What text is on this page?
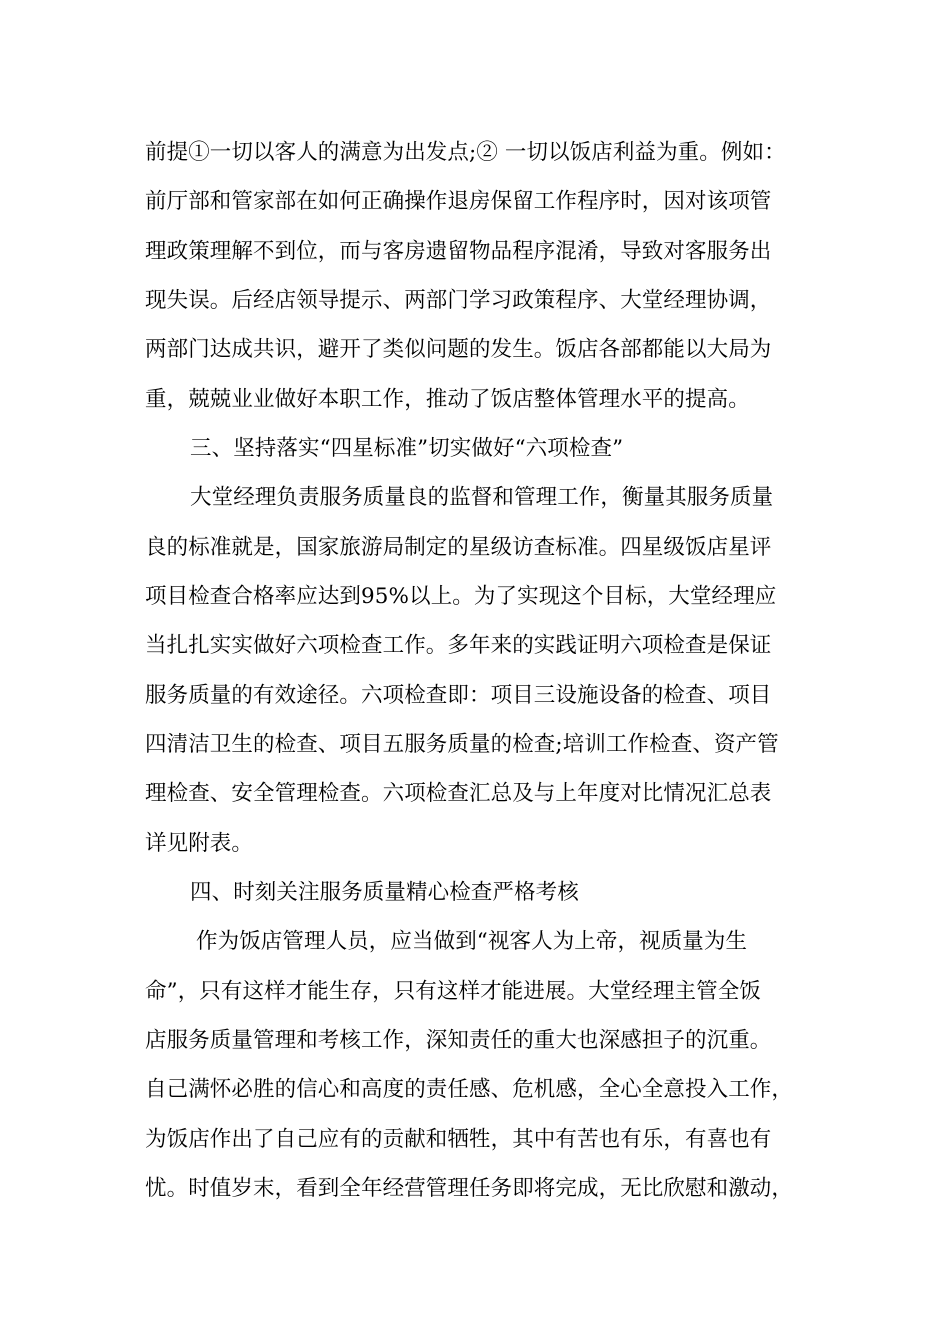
前提①一切以客人的满意为出发点;② 一切以饭店利益为重。例如：

前厅部和管家部在如何正确操作退房保留工作程序时，因对该项管

理政策理解不到位，而与客房遗留物品程序混淆，导致对客服务出

现失误。后经店领导提示、两部门学习政策程序、大堂经理协调，

两部门达成共识，避开了类似问题的发生。饭店各部都能以大局为

重，兢兢业业做好本职工作，推动了饭店整体管理水平的提高。

三、坚持落实“四星标准”切实做好“六项检查”

大堂经理负责服务质量良的监督和管理工作，衡量其服务质量

良的标准就是，国家旅游局制定的星级访查标准。四星级饭店星评

项目检查合格率应达到95%以上。为了实现这个目标，大堂经理应

当扎扎实实做好六项检查工作。多年来的实践证明六项检查是保证

服务质量的有效途径。六项检查即：项目三设施设备的检查、项目

四清洁卫生的检查、项目五服务质量的检查;培训工作检查、资产管

理检查、安全管理检查。六项检查汇总及与上年度对比情况汇总表

详见附表。

四、时刻关注服务质量精心检查严格考核

作为饭店管理人员，应当做到“视客人为上帝，视质量为生

命”，只有这样才能生存，只有这样才能进展。大堂经理主管全饭

店服务质量管理和考核工作，深知责任的重大也深感担子的沉重。

自己满怀必胜的信心和高度的责任感、危机感，全心全意投入工作，

为饭店作出了自己应有的贡献和牺牲，其中有苦也有乐，有喜也有

忧。时值岁末，看到全年经营管理任务即将完成，无比欣慰和激动，
